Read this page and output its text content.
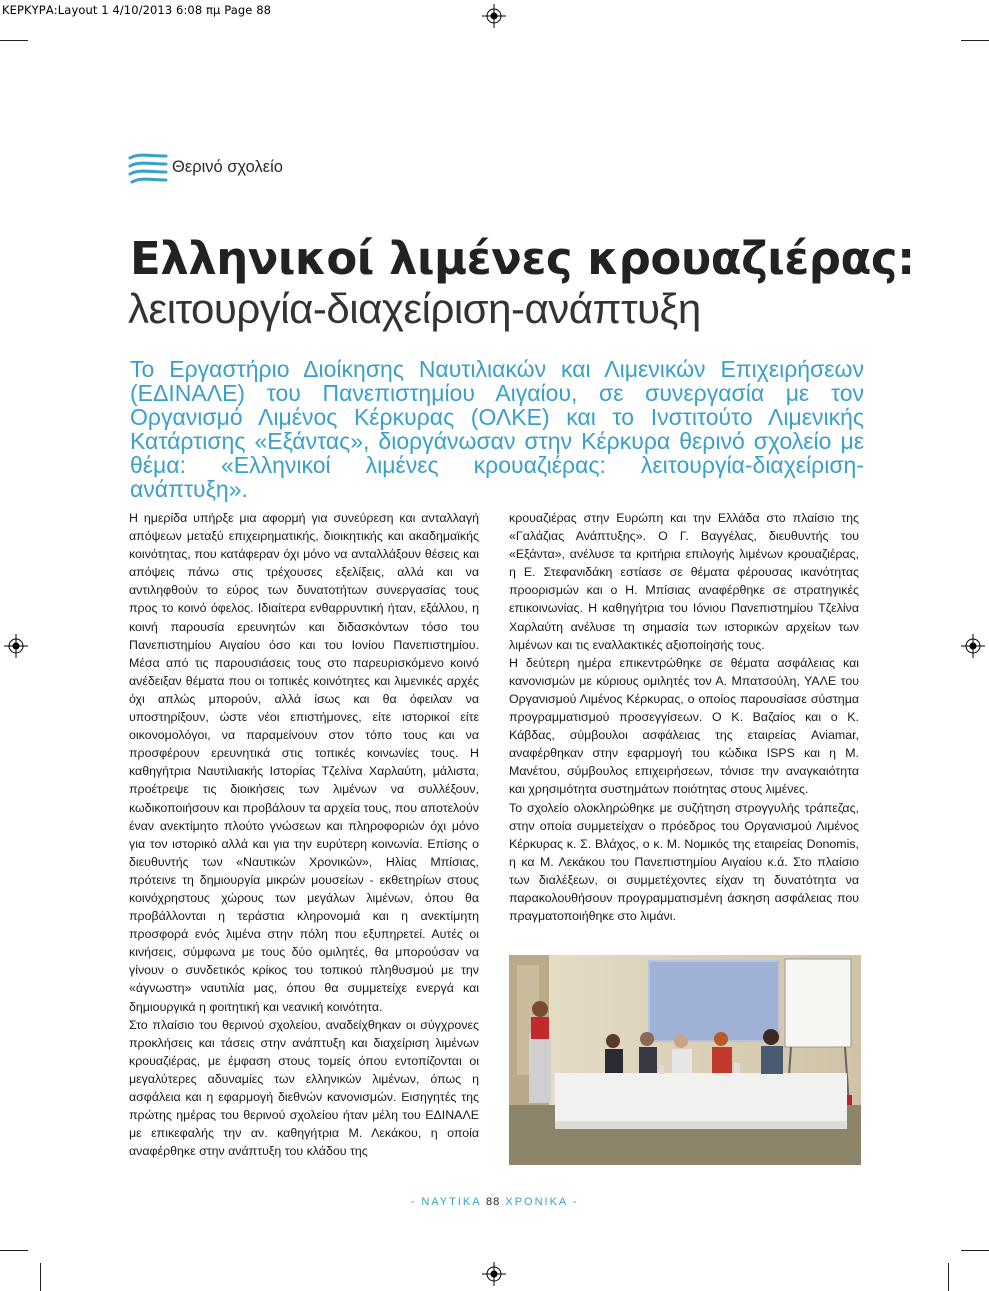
ΚΕΡΚΥΡΑ:Layout 1 4/10/2013 6:08 πμ Page 88
Θερινό σχολείο
Ελληνικοί λιμένες κρουαζιέρας:
λειτουργία-διαχείριση-ανάπτυξη
Το Εργαστήριο Διοίκησης Ναυτιλιακών και Λιμενικών Επιχειρήσεων (ΕΔΙΝΑΛΕ) του Πανεπιστημίου Αιγαίου, σε συνεργασία με τον Οργανισμό Λιμένος Κέρκυρας (ΟΛΚΕ) και το Ινστιτούτο Λιμενικής Κατάρτισης «Εξάντας», διοργάνωσαν στην Κέρκυρα θερινό σχολείο με θέμα: «Ελληνικοί λιμένες κρουαζιέρας: λειτουργία-διαχείριση-ανάπτυξη».

Η ημερίδα υπήρξε μια αφορμή για συνεύρεση και ανταλλαγή απόψεων μεταξύ επιχειρηματικής, διοικητικής και ακαδημαϊκής κοινότητας, που κατάφεραν όχι μόνο να ανταλλάξουν θέσεις και απόψεις πάνω στις τρέχουσες εξελίξεις, αλλά και να αντιληφθούν το εύρος των δυνατοτήτων συνεργασίας τους προς το κοινό όφελος. Ιδιαίτερα ενθαρρυντική ήταν, εξάλλου, η κοινή παρουσία ερευνητών και διδασκόντων τόσο του Πανεπιστημίου Αιγαίου όσο και του Ιονίου Πανεπιστημίου. Μέσα από τις παρουσιάσεις τους στο παρευρισκόμενο κοινό ανέδειξαν θέματα που οι τοπικές κοινότητες και λιμενικές αρχές όχι απλώς μπορούν, αλλά ίσως και θα όφειλαν να υποστηρίξουν, ώστε νέοι επιστήμονες, είτε ιστορικοί είτε οικονομολόγοι, να παραμείνουν στον τόπο τους και να προσφέρουν ερευνητικά στις τοπικές κοινωνίες τους. Η καθηγήτρια Ναυτιλιακής Ιστορίας Τζελίνα Χαρλαύτη, μάλιστα, προέτρεψε τις διοικήσεις των λιμένων να συλλέξουν, κωδικοποιήσουν και προβάλουν τα αρχεία τους, που αποτελούν έναν ανεκτίμητο πλούτο γνώσεων και πληροφοριών όχι μόνο για τον ιστορικό αλλά και για την ευρύτερη κοινωνία. Επίσης ο διευθυντής των «Ναυτικών Χρονικών», Ηλίας Μπίσιας, πρότεινε τη δημιουργία μικρών μουσείων - εκθετηρίων στους κοινόχρηστους χώρους των μεγάλων λιμένων, όπου θα προβάλλονται η τεράστια κληρονομιά και η ανεκτίμητη προσφορά ενός λιμένα στην πόλη που εξυπηρετεί. Αυτές οι κινήσεις, σύμφωνα με τους δύο ομιλητές, θα μπορούσαν να γίνουν ο συνδετικός κρίκος του τοπικού πληθυσμού με την «άγνωστη» ναυτιλία μας, όπου θα συμμετείχε ενεργά και δημιουργικά η φοιτητική και νεανική κοινότητα.

Στο πλαίσιο του θερινού σχολείου, αναδείχθηκαν οι σύγχρονες προκλήσεις και τάσεις στην ανάπτυξη και διαχείριση λιμένων κρουαζιέρας, με έμφαση στους τομείς όπου εντοπίζονται οι μεγαλύτερες αδυναμίες των ελληνικών λιμένων, όπως η ασφάλεια και η εφαρμογή διεθνών κανονισμών. Εισηγητές της πρώτης ημέρας του θερινού σχολείου ήταν μέλη του ΕΔΙΝΑΛΕ με επικεφαλής την αν. καθηγήτρια Μ. Λεκάκου, η οποία αναφέρθηκε στην ανάπτυξη του κλάδου της

κρουαζιέρας στην Ευρώπη και την Ελλάδα στο πλαίσιο της «Γαλάζιας Ανάπτυξης». Ο Γ. Βαγγέλας, διευθυντής του «Εξάντα», ανέλυσε τα κριτήρια επιλογής λιμένων κρουαζιέρας, η Ε. Στεφανιδάκη εστίασε σε θέματα φέρουσας ικανότητας προορισμών και ο Η. Μπίσιας αναφέρθηκε σε στρατηγικές επικοινωνίας. Η καθηγήτρια του Ιόνιου Πανεπιστημίου Τζελίνα Χαρλαύτη ανέλυσε τη σημασία των ιστορικών αρχείων των λιμένων και τις εναλλακτικές αξιοποίησής τους.

Η δεύτερη ημέρα επικεντρώθηκε σε θέματα ασφάλειας και κανονισμών με κύριους ομιλητές τον Α. Μπατσούλη, ΥΑΛΕ του Οργανισμού Λιμένος Κέρκυρας, ο οποίος παρουσίασε σύστημα προγραμματισμού προσεγγίσεων. Ο Κ. Βαζαίος και ο Κ. Κάβδας, σύμβουλοι ασφάλειας της εταιρείας Aviamar, αναφέρθηκαν στην εφαρμογή του κώδικα ISPS και η Μ. Μανέτου, σύμβουλος επιχειρήσεων, τόνισε την αναγκαιότητα και χρησιμότητα συστημάτων ποιότητας στους λιμένες.

Το σχολείο ολοκληρώθηκε με συζήτηση στρογγυλής τράπεζας, στην οποία συμμετείχαν ο πρόεδρος του Οργανισμού Λιμένος Κέρκυρας κ. Σ. Βλάχος, ο κ. Μ. Νομικός της εταιρείας Donomis, η κα Μ. Λεκάκου του Πανεπιστημίου Αιγαίου κ.ά. Στο πλαίσιο των διαλέξεων, οι συμμετέχοντες είχαν τη δυνατότητα να παρακολουθήσουν προγραμματισμένη άσκηση ασφάλειας που πραγματοποιήθηκε στο λιμάνι.

- ΝΑΥΤΙΚΑ 88 ΧΡΟΝΙΚΑ -
